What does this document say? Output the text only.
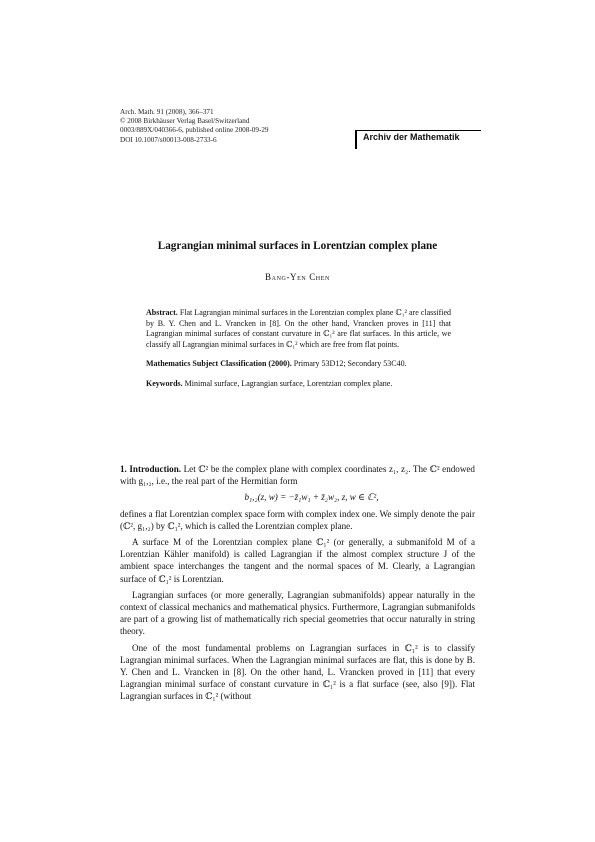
Arch. Math. 91 (2008), 366–371
© 2008 Birkhäuser Verlag Basel/Switzerland
0003/889X/040366-6, published online 2008-09-29
DOI 10.1007/s00013-008-2733-6	Archiv der Mathematik
Lagrangian minimal surfaces in Lorentzian complex plane
Bang-Yen Chen

Abstract. Flat Lagrangian minimal surfaces in the Lorentzian complex plane ℂ₁² are classified by B. Y. Chen and L. Vrancken in [8]. On the other hand, Vrancken proves in [11] that Lagrangian minimal surfaces of constant curvature in ℂ₁² are flat surfaces. In this article, we classify all Lagrangian minimal surfaces in ℂ₁² which are free from flat points.

Mathematics Subject Classification (2000). Primary 53D12; Secondary 53C40.

Keywords. Minimal surface, Lagrangian surface, Lorentzian complex plane.

1. Introduction. Let ℂ² be the complex plane with complex coordinates z₁, z₂. The ℂ² endowed with g₁,₂, i.e., the real part of the Hermitian form

b₁,₂(z, w) = −z̄₁w₁ + z̄₂w₂, z, w ∈ ℂ²,

defines a flat Lorentzian complex space form with complex index one. We simply denote the pair (ℂ², g₁,₂) by ℂ₁², which is called the Lorentzian complex plane.

A surface M of the Lorentzian complex plane ℂ₁² (or generally, a submanifold M of a Lorentzian Kähler manifold) is called Lagrangian if the almost complex structure J of the ambient space interchanges the tangent and the normal spaces of M. Clearly, a Lagrangian surface of ℂ₁² is Lorentzian.

Lagrangian surfaces (or more generally, Lagrangian submanifolds) appear naturally in the context of classical mechanics and mathematical physics. Furthermore, Lagrangian submanifolds are part of a growing list of mathematically rich special geometries that occur naturally in string theory.

One of the most fundamental problems on Lagrangian surfaces in ℂ₁² is to classify Lagrangian minimal surfaces. When the Lagrangian minimal surfaces are flat, this is done by B. Y. Chen and L. Vrancken in [8]. On the other hand, L. Vrancken proved in [11] that every Lagrangian minimal surface of constant curvature in ℂ₁² is a flat surface (see, also [9]). Flat Lagrangian surfaces in ℂ₁² (without
